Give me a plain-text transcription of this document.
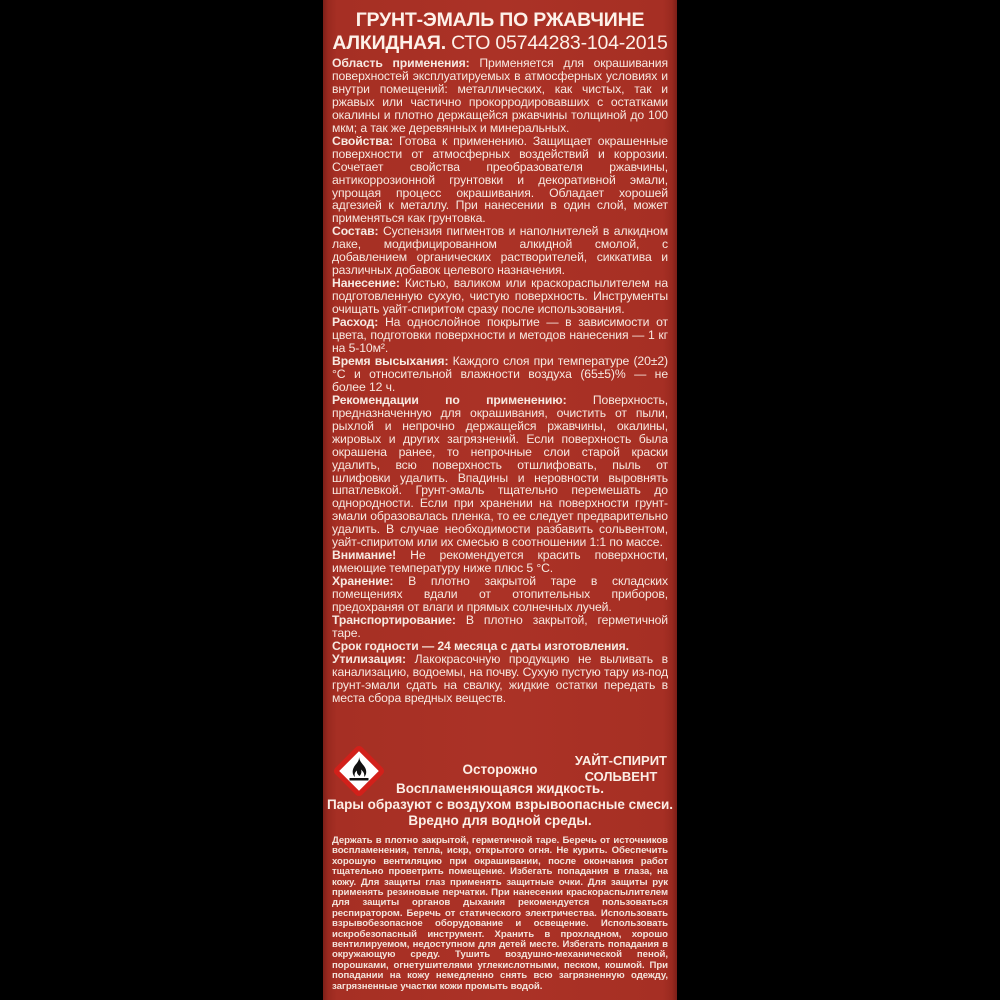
ГРУНТ-ЭМАЛЬ ПО РЖАВЧИНЕ
АЛКИДНАЯ. СТО 05744283-104-2015

Область применения: Применяется для окрашивания поверхностей эксплуатируемых в атмосферных условиях и внутри помещений: металлических, как чистых, так и ржавых или частично прокорродировавших с остатками окалины и плотно держащейся ржавчины толщиной до 100 мкм; а так же деревянных и минеральных.

Свойства: Готова к применению. Защищает окрашенные поверхности от атмосферных воздействий и коррозии. Сочетает свойства преобразователя ржавчины, антикоррозионной грунтовки и декоративной эмали, упрощая процесс окрашивания. Обладает хорошей адгезией к металлу. При нанесении в один слой, может применяться как грунтовка.

Состав: Суспензия пигментов и наполнителей в алкидном лаке, модифицированном алкидной смолой, с добавлением органических растворителей, сиккатива и различных добавок целевого назначения.

Нанесение: Кистью, валиком или краскораспылителем на подготовленную сухую, чистую поверхность. Инструменты очищать уайт-спиритом сразу после использования.

Расход: На однослойное покрытие — в зависимости от цвета, подготовки поверхности и методов нанесения — 1 кг на 5-10м².

Время высыхания: Каждого слоя при температуре (20±2) °С и относительной влажности воздуха (65±5)% — не более 12 ч.

Рекомендации по применению: Поверхность, предназначенную для окрашивания, очистить от пыли, рыхлой и непрочно держащейся ржавчины, окалины, жировых и других загрязнений. Если поверхность была окрашена ранее, то непрочные слои старой краски удалить, всю поверхность отшлифовать, пыль от шлифовки удалить. Впадины и неровности выровнять шпатлевкой. Грунт-эмаль тщательно перемешать до однородности. Если при хранении на поверхности грунт-эмали образовалась пленка, то ее следует предварительно удалить. В случае необходимости разбавить сольвентом, уайт-спиритом или их смесью в соотношении 1:1 по массе.

Внимание! Не рекомендуется красить поверхности, имеющие температуру ниже плюс 5 °С.

Хранение: В плотно закрытой таре в складских помещениях вдали от отопительных приборов, предохраняя от влаги и прямых солнечных лучей.

Транспортирование: В плотно закрытой, герметичной таре.

Срок годности — 24 месяца с даты изготовления.

Утилизация: Лакокрасочную продукцию не выливать в канализацию, водоемы, на почву. Сухую пустую тару из-под грунт-эмали сдать на свалку, жидкие остатки передать в места сбора вредных веществ.

УАЙТ-СПИРИТ
СОЛЬВЕНТ
Осторожно
Воспламеняющаяся жидкость.
Пары образуют с воздухом взрывоопасные смеси.
Вредно для водной среды.

Держать в плотно закрытой, герметичной таре. Беречь от источников воспламенения, тепла, искр, открытого огня. Не курить. Обеспечить хорошую вентиляцию при окрашивании, после окончания работ тщательно проветрить помещение. Избегать попадания в глаза, на кожу. Для защиты глаз применять защитные очки. Для защиты рук применять резиновые перчатки. При нанесении краскораспылителем для защиты органов дыхания рекомендуется пользоваться респиратором. Беречь от статического электричества. Использовать взрывобезопасное оборудование и освещение. Использовать искробезопасный инструмент. Хранить в прохладном, хорошо вентилируемом, недоступном для детей месте. Избегать попадания в окружающую среду. Тушить воздушно-механической пеной, порошками, огнетушителями углекислотными, песком, кошмой. При попадании на кожу немедленно снять всю загрязненную одежду, загрязненные участки кожи промыть водой.
